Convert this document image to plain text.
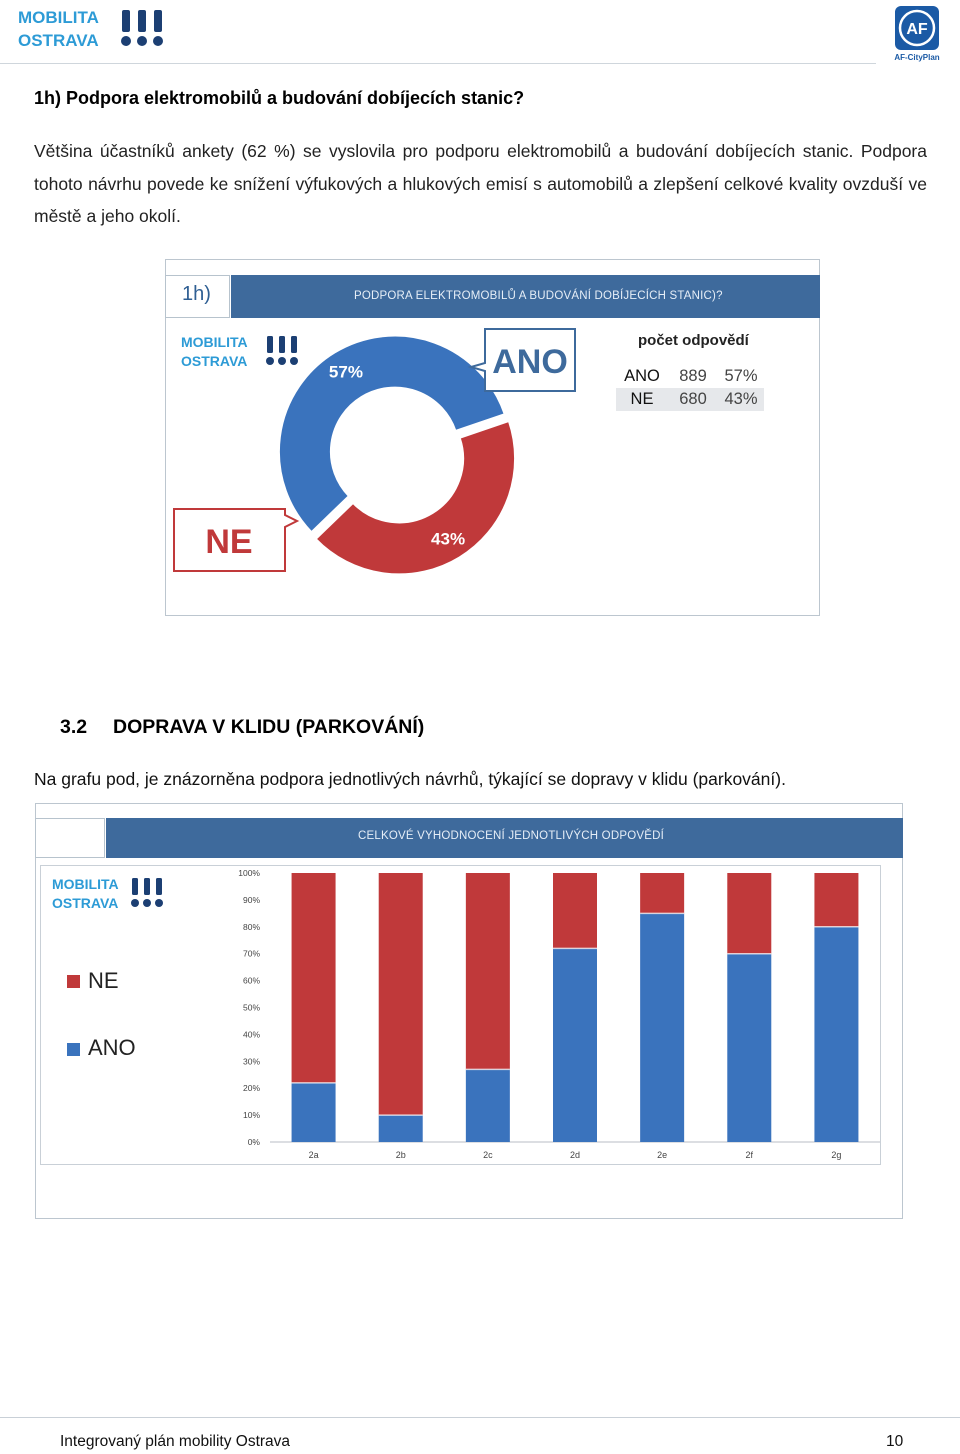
MOBILITA
OSTRAVA
AF
AF-CityPlan
1h) Podpora elektromobilů a budování dobíjecích stanic?
Většina účastníků ankety (62 %) se vyslovila pro podporu elektromobilů a budování dobíjecích stanic. Podpora tohoto návrhu povede ke snížení výfukových a hlukových emisí s automobilů a zlepšení celkové kvality ovzduší ve městě a jeho okolí.
1h)	PODPORA ELEKTROMOBILŮ A BUDOVÁNÍ DOBÍJECÍCH STANIC)?
MOBILITA
OSTRAVA
57%
43%
ANO
NE
počet odpovědí
ANO	889	57%
NE	680	43%
3.2 DOPRAVA V KLIDU (PARKOVÁNÍ)
Na grafu pod, je znázorněna podpora jednotlivých návrhů, týkající se dopravy v klidu (parkování).
CELKOVÉ VYHODNOCENÍ JEDNOTLIVÝCH ODPOVĚDÍ
MOBILITA
OSTRAVA
0%
10%
20%
30%
40%
50%
60%
70%
80%
90%
100%
2a	2b	2c	2d	2e	2f	2g
NE
ANO
Integrovaný plán mobility Ostrava	10
